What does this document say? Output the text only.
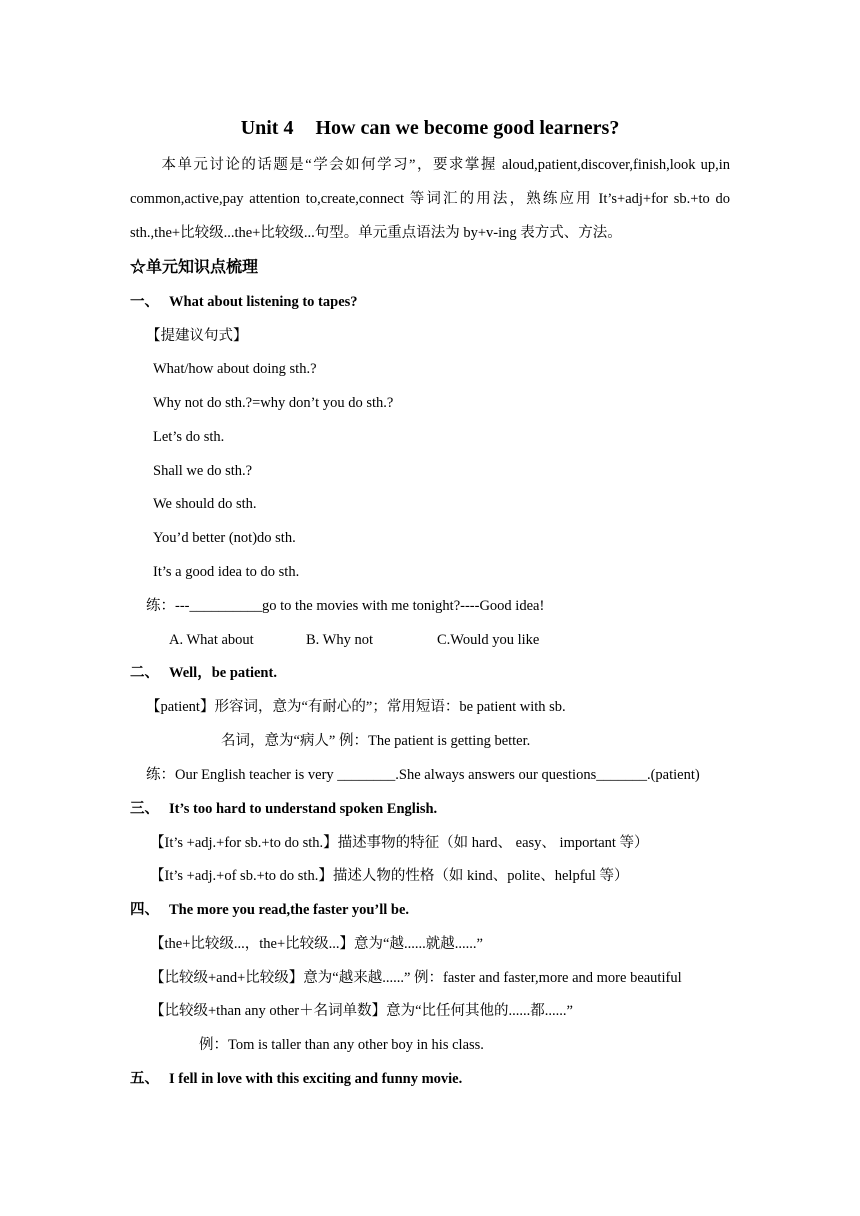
Unit 4 How can we become good learners?
本单元讨论的话题是“学会如何学习”，要求掌握 aloud,patient,discover,finish,look up,in common,active,pay attention to,create,connect 等词汇的用法，熟练应用 It’s+adj+for sb.+to do sth.,the+比较级...the+比较级...句型。单元重点语法为 by+v-ing 表方式、方法。
☆单元知识点梳理
一、 What about listening to tapes?
【提建议句式】
What/how about doing sth.?
Why not do sth.?=why don’t you do sth.?
Let’s do sth.
Shall we do sth.?
We should do sth.
You’d better (not)do sth.
It’s a good idea to do sth.
练：---__________go to the movies with me tonight?----Good idea!
A. What about	B. Why not	C.Would you like
二、 Well，be patient.
【patient】形容词，意为“有耐心的”；常用短语：be patient with sb.
名词，意为“病人” 例：The patient is getting better.
练：Our English teacher is very ________.She always answers our questions_______.(patient)
三、 It’s too hard to understand spoken English.
【It’s +adj.+for sb.+to do sth.】描述事物的特征（如 hard、 easy、 important 等）
【It’s +adj.+of sb.+to do sth.】描述人物的性格（如 kind、polite、helpful 等）
四、 The more you read,the faster you’ll be.
【the+比较级...，the+比较级...】意为“越......就越......”
【比较级+and+比较级】意为“越来越......” 例：faster and faster,more and more beautiful
【比较级+than any other＋名词单数】意为“比任何其他的......都......”
例：Tom is taller than any other boy in his class.
五、 I fell in love with this exciting and funny movie.
